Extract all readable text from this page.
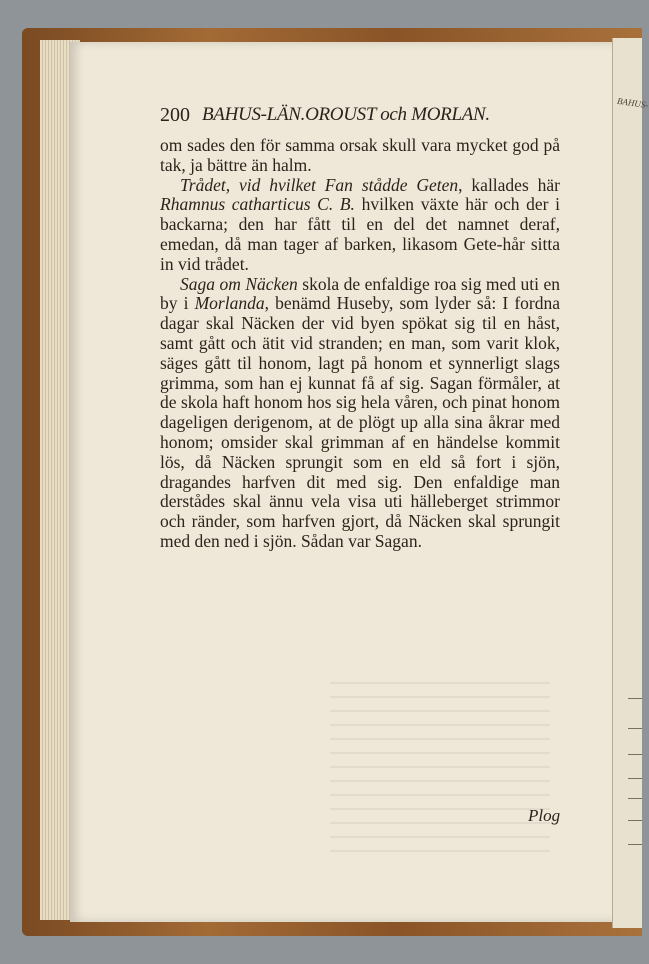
BAHUS-
200 BAHUS-LÄN.OROUST och MORLAN.

om sades den för samma orsak skull vara mycket god på tak, ja bättre än halm.

Trådet, vid hvilket Fan stådde Geten, kallades här Rhamnus catharticus C. B. hvilken växte här och der i backarna; den har fått til en del det namnet deraf, emedan, då man tager af barken, likasom Gete-hår sitta in vid trådet.

Saga om Näcken skola de enfaldige roa sig med uti en by i Morlanda, benämd Huseby, som lyder så: I fordna dagar skal Näcken der vid byen spökat sig til en håst, samt gått och ätit vid stranden; en man, som varit klok, säges gått til honom, lagt på honom et synnerligt slags grimma, som han ej kunnat få af sig. Sagan förmåler, at de skola haft honom hos sig hela våren, och pinat honom dageligen derigenom, at de plögt up alla sina åkrar med honom; omsider skal grimman af en händelse kommit lös, då Näcken sprungit som en eld så fort i sjön, dragandes harfven dit med sig. Den enfaldige man derstådes skal ännu vela visa uti hälleberget strimmor och ränder, som harfven gjort, då Näcken skal sprungit med den ned i sjön. Sådan var Sagan.

Plog
